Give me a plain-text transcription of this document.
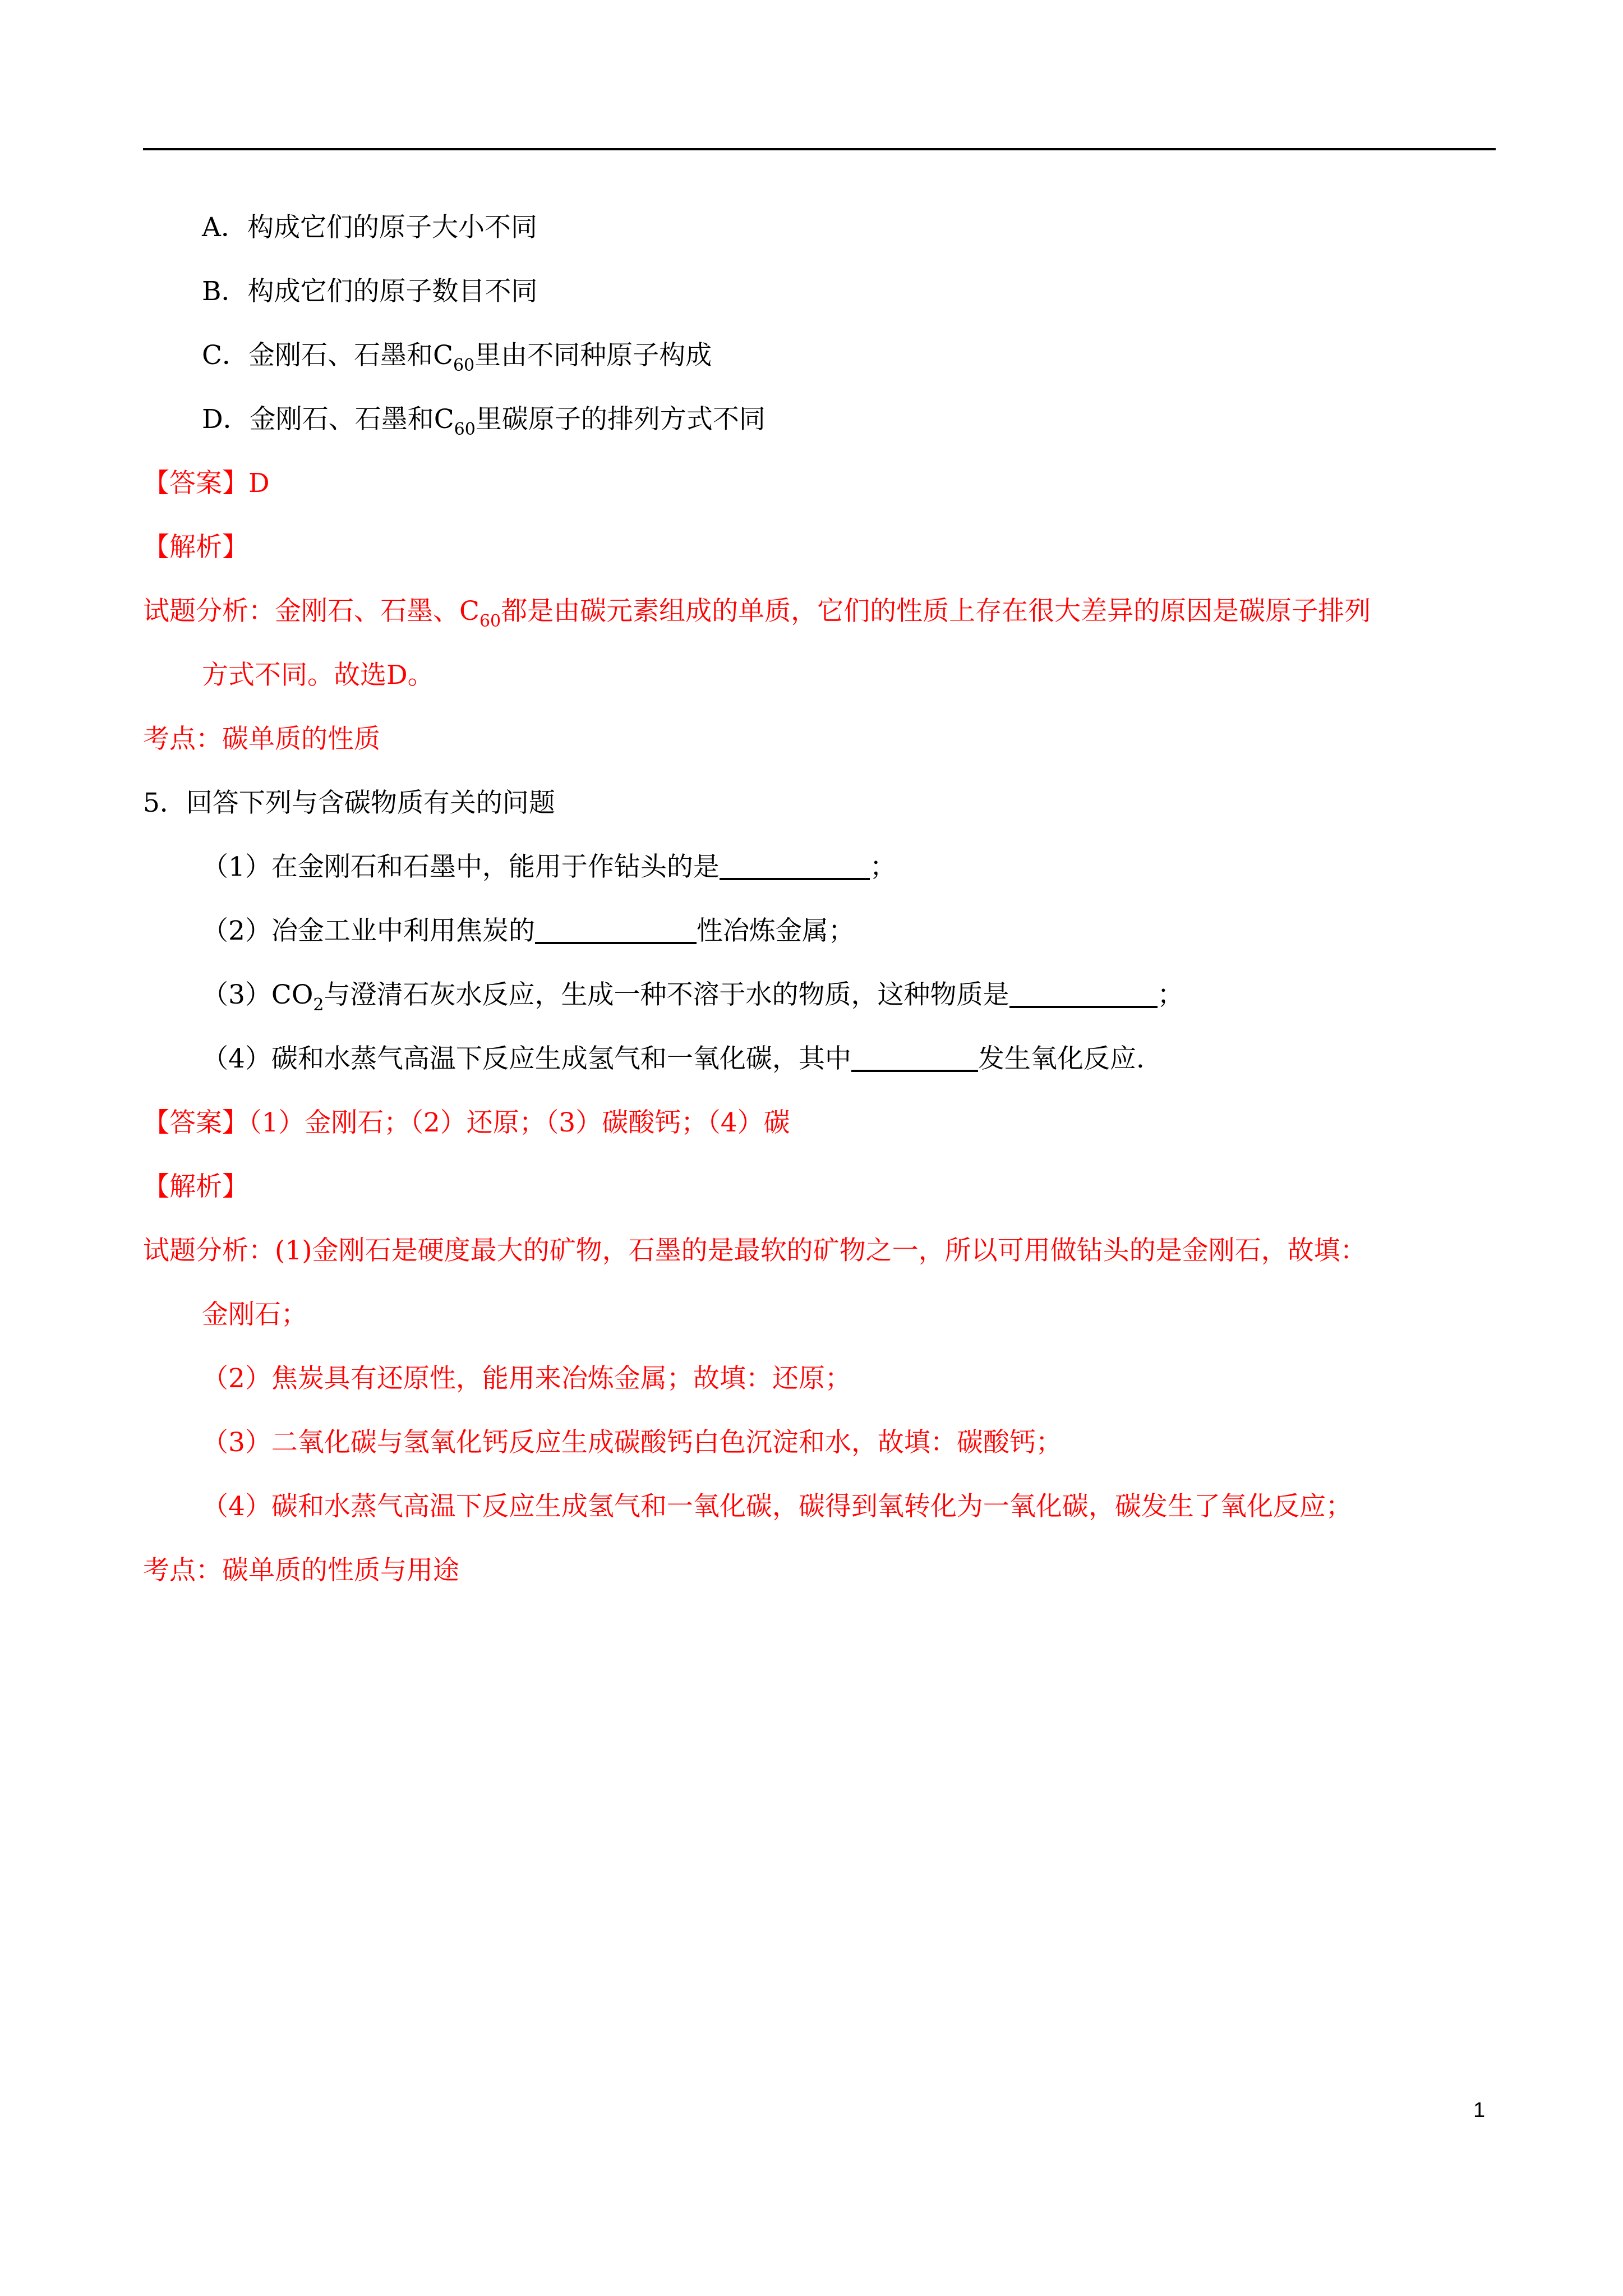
A．构成它们的原子大小不同
B．构成它们的原子数目不同
C．金刚石、石墨和$C_{60}$里由不同种原子构成
D．金刚石、石墨和$C_{60}$里碳原子的排列方式不同
【答案】D
【解析】
试题分析：金刚石、石墨、$C_{60}$都是由碳元素组成的单质，它们的性质上存在很大差异的原因是碳原子排列
方式不同。故选D。
考点：碳单质的性质
5．回答下列与含碳物质有关的问题
（1）在金刚石和石墨中，能用于作钻头的是	；
（2）冶金工业中利用焦炭的	性冶炼金属；
$(3)CO_2$与澄清石灰水反应，生成一种不溶于水的物质，这种物质是	；
（4）碳和水蒸气高温下反应生成氢气和一氧化碳，其中	发生氧化反应.
【答案】（1）金刚石；（2）还原；（3）碳酸钙；（4）碳
【解析】
试题分析：(1)金刚石是硬度最大的矿物，石墨的是最软的矿物之一，所以可用做钻头的是金刚石，故填：
金刚石；
（2）焦炭具有还原性，能用来冶炼金属；故填：还原；
（3）二氧化碳与氢氧化钙反应生成碳酸钙白色沉淀和水，故填：碳酸钙；
（4）碳和水蒸气高温下反应生成氢气和一氧化碳，碳得到氧转化为一氧化碳，碳发生了氧化反应；
考点：碳单质的性质与用途
1
